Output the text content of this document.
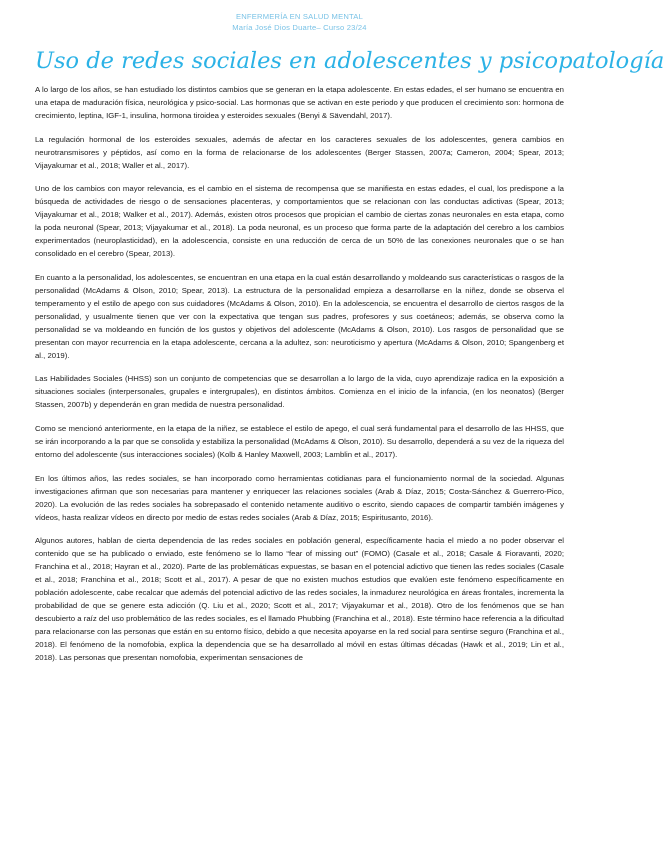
ENFERMERÍA EN SALUD MENTAL
María José Dios Duarte– Curso 23/24
Uso de redes sociales en adolescentes y psicopatología

A lo largo de los años, se han estudiado los distintos cambios que se generan en la etapa adolescente. En estas edades, el ser humano se encuentra en una etapa de maduración física, neurológica y psico-social. Las hormonas que se activan en este periodo y que producen el crecimiento son: hormona de crecimiento, leptina, IGF-1, insulina, hormona tiroidea y esteroides sexuales (Benyi & Sävendahl, 2017).

La regulación hormonal de los esteroides sexuales, además de afectar en los caracteres sexuales de los adolescentes, genera cambios en neurotransmisores y péptidos, así como en la forma de relacionarse de los adolescentes (Berger Stassen, 2007a; Cameron, 2004; Spear, 2013; Vijayakumar et al., 2018; Waller et al., 2017).

Uno de los cambios con mayor relevancia, es el cambio en el sistema de recompensa que se manifiesta en estas edades, el cual, los predispone a la búsqueda de actividades de riesgo o de sensaciones placenteras, y comportamientos que se relacionan con las conductas adictivas (Spear, 2013; Vijayakumar et al., 2018; Walker et al., 2017). Además, existen otros procesos que propician el cambio de ciertas zonas neuronales en esta etapa, como la poda neuronal (Spear, 2013; Vijayakumar et al., 2018). La poda neuronal, es un proceso que forma parte de la adaptación del cerebro a los cambios experimentados (neuroplasticidad), en la adolescencia, consiste en una reducción de cerca de un 50% de las conexiones neuronales que o se han consolidado en el cerebro (Spear, 2013).

En cuanto a la personalidad, los adolescentes, se encuentran en una etapa en la cual están desarrollando y moldeando sus características o rasgos de la personalidad (McAdams & Olson, 2010; Spear, 2013). La estructura de la personalidad empieza a desarrollarse en la niñez, donde se observa el temperamento y el estilo de apego con sus cuidadores (McAdams & Olson, 2010). En la adolescencia, se encuentra el desarrollo de ciertos rasgos de la personalidad, y usualmente tienen que ver con la expectativa que tengan sus padres, profesores y sus coetáneos; además, se observa como la personalidad se va moldeando en función de los gustos y objetivos del adolescente (McAdams & Olson, 2010). Los rasgos de personalidad que se presentan con mayor recurrencia en la etapa adolescente, cercana a la adultez, son: neuroticismo y apertura (McAdams & Olson, 2010; Spangenberg et al., 2019).

Las Habilidades Sociales (HHSS) son un conjunto de competencias que se desarrollan a lo largo de la vida, cuyo aprendizaje radica en la exposición a situaciones sociales (interpersonales, grupales e intergrupales), en distintos ámbitos. Comienza en el inicio de la infancia, (en los neonatos) (Berger Stassen, 2007b) y dependerán en gran medida de nuestra personalidad.

Como se mencionó anteriormente, en la etapa de la niñez, se establece el estilo de apego, el cual será fundamental para el desarrollo de las HHSS, que se irán incorporando a la par que se consolida y estabiliza la personalidad (McAdams & Olson, 2010). Su desarrollo, dependerá a su vez de la riqueza del entorno del adolescente (sus interacciones sociales) (Kolb & Hanley Maxwell, 2003; Lamblin et al., 2017).

En los últimos años, las redes sociales, se han incorporado como herramientas cotidianas para el funcionamiento normal de la sociedad. Algunas investigaciones afirman que son necesarias para mantener y enriquecer las relaciones sociales (Arab & Díaz, 2015; Costa-Sánchez & Guerrero-Pico, 2020). La evolución de las redes sociales ha sobrepasado el contenido netamente auditivo o escrito, siendo capaces de compartir también imágenes y vídeos, hasta realizar vídeos en directo por medio de estas redes sociales (Arab & Díaz, 2015; Espiritusanto, 2016).

Algunos autores, hablan de cierta dependencia de las redes sociales en población general, específicamente hacia el miedo a no poder observar el contenido que se ha publicado o enviado, este fenómeno se lo llamo “fear of missing out” (FOMO) (Casale et al., 2018; Casale & Fioravanti, 2020; Franchina et al., 2018; Hayran et al., 2020). Parte de las problemáticas expuestas, se basan en el potencial adictivo que tienen las redes sociales (Casale et al., 2018; Franchina et al., 2018; Scott et al., 2017). A pesar de que no existen muchos estudios que evalúen este fenómeno específicamente en población adolescente, cabe recalcar que además del potencial adictivo de las redes sociales, la inmadurez neurológica en áreas frontales, incrementa la probabilidad de que se genere esta adicción (Q. Liu et al., 2020; Scott et al., 2017; Vijayakumar et al., 2018). Otro de los fenómenos que se han descubierto a raíz del uso problemático de las redes sociales, es el llamado Phubbing (Franchina et al., 2018). Este término hace referencia a la dificultad para relacionarse con las personas que están en su entorno físico, debido a que necesita apoyarse en la red social para sentirse seguro (Franchina et al., 2018). El fenómeno de la nomofobia, explica la dependencia que se ha desarrollado al móvil en estas últimas décadas (Hawk et al., 2019; Lin et al., 2018). Las personas que presentan nomofobia, experimentan sensaciones de
